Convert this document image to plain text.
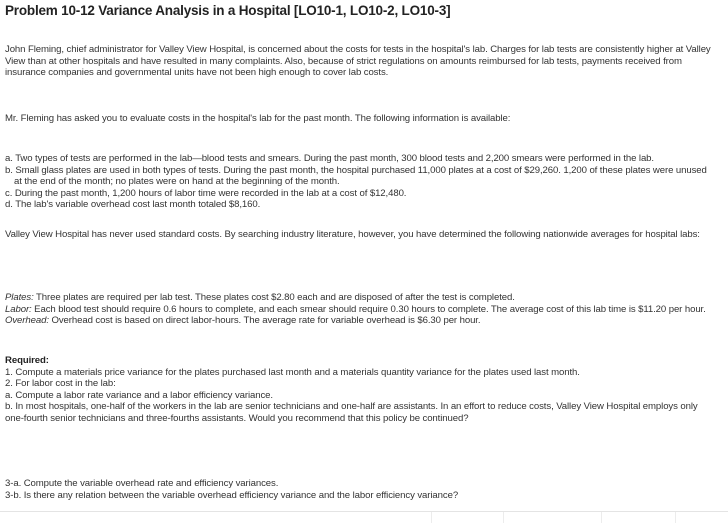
Problem 10-12 Variance Analysis in a Hospital [LO10-1, LO10-2, LO10-3]

John Fleming, chief administrator for Valley View Hospital, is concerned about the costs for tests in the hospital's lab. Charges for lab tests are consistently higher at Valley View than at other hospitals and have resulted in many complaints. Also, because of strict regulations on amounts reimbursed for lab tests, payments received from insurance companies and governmental units have not been high enough to cover lab costs.

Mr. Fleming has asked you to evaluate costs in the hospital's lab for the past month. The following information is available:

a. Two types of tests are performed in the lab—blood tests and smears. During the past month, 300 blood tests and 2,200 smears were performed in the lab.
b. Small glass plates are used in both types of tests. During the past month, the hospital purchased 11,000 plates at a cost of $29,260. 1,200 of these plates were unused at the end of the month; no plates were on hand at the beginning of the month.
c. During the past month, 1,200 hours of labor time were recorded in the lab at a cost of $12,480.
d. The lab's variable overhead cost last month totaled $8,160.

Valley View Hospital has never used standard costs. By searching industry literature, however, you have determined the following nationwide averages for hospital labs:

Plates: Three plates are required per lab test. These plates cost $2.80 each and are disposed of after the test is completed.
Labor: Each blood test should require 0.6 hours to complete, and each smear should require 0.30 hours to complete. The average cost of this lab time is $11.20 per hour.
Overhead: Overhead cost is based on direct labor-hours. The average rate for variable overhead is $6.30 per hour.
Required:
1. Compute a materials price variance for the plates purchased last month and a materials quantity variance for the plates used last month.
2. For labor cost in the lab:
a. Compute a labor rate variance and a labor efficiency variance.
b. In most hospitals, one-half of the workers in the lab are senior technicians and one-half are assistants. In an effort to reduce costs, Valley View Hospital employs only one-fourth senior technicians and three-fourths assistants. Would you recommend that this policy be continued?
3-a. Compute the variable overhead rate and efficiency variances.
3-b. Is there any relation between the variable overhead efficiency variance and the labor efficiency variance?
